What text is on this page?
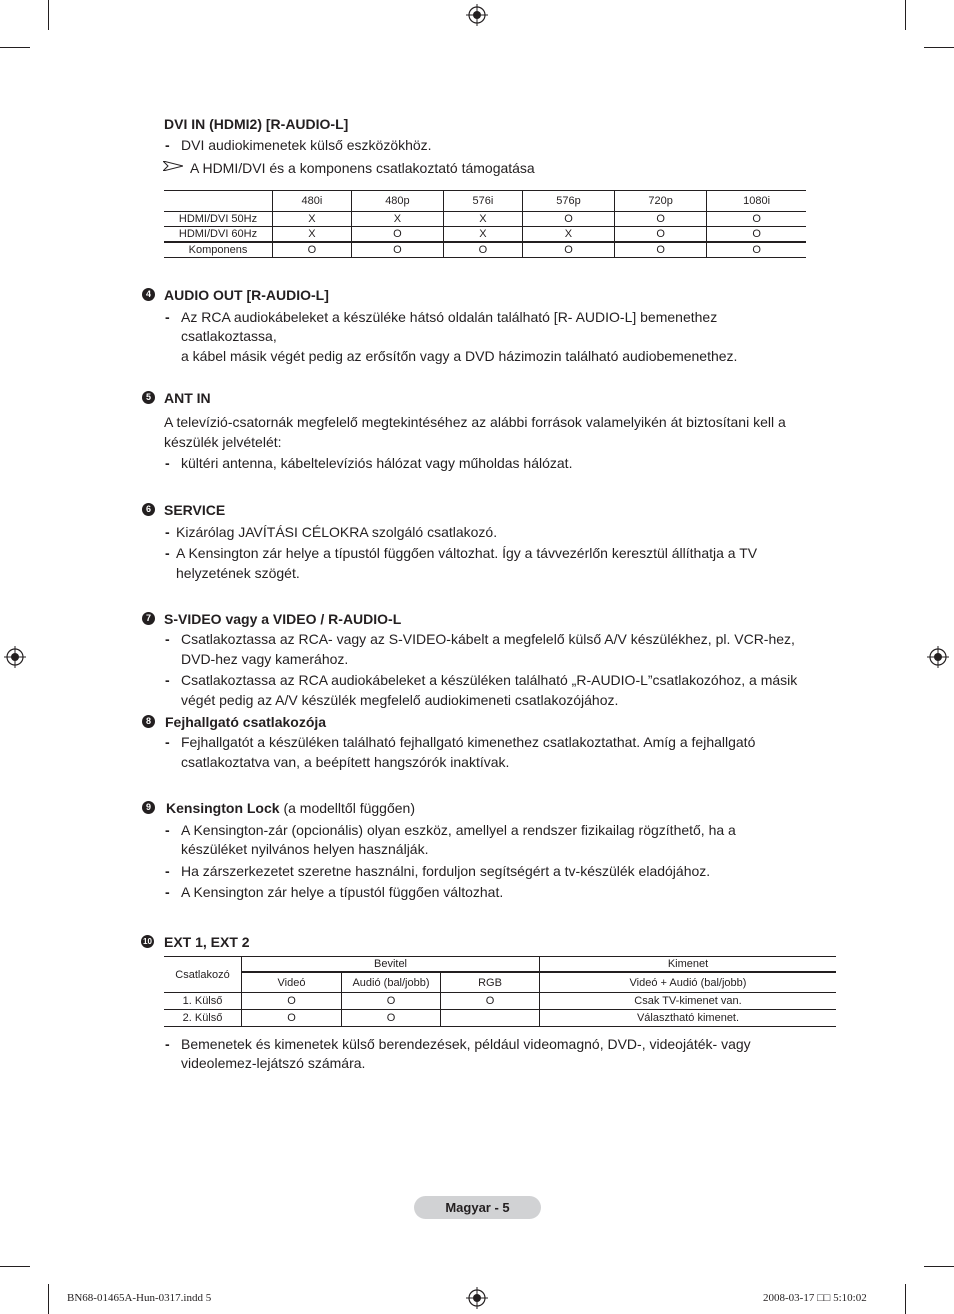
DVI IN (HDMI2) [R-AUDIO-L]
- DVI audiokimenetek külső eszközökhöz.
A HDMI/DVI és a komponens csatlakoztató támogatása
	480i	480p	576i	576p	720p	1080i
HDMI/DVI 50Hz	X	X	X	O	O	O
HDMI/DVI 60Hz	X	O	X	X	O	O
Komponens	O	O	O	O	O	O
4 AUDIO OUT [R-AUDIO-L]
- Az RCA audiokábeleket a készüléke hátsó oldalán található [R- AUDIO-L] bemenethez
csatlakoztassa,
a kábel másik végét pedig az erősítőn vagy a DVD házimozin található audiobemenethez.
5 ANT IN
A televízió-csatornák megfelelő megtekintéséhez az alábbi források valamelyikén át biztosítani kell a
készülék jelvételét:
- kültéri antenna, kábeltelevíziós hálózat vagy műholdas hálózat.
6 SERVICE
- Kizárólag JAVÍTÁSI CÉLOKRA szolgáló csatlakozó.
- A Kensington zár helye a típustól függően változhat. Így a távvezérlőn keresztül állíthatja a TV
helyzetének szögét.
7 S-VIDEO vagy a VIDEO / R-AUDIO-L
- Csatlakoztassa az RCA- vagy az S-VIDEO-kábelt a megfelelő külső A/V készülékhez, pl. VCR-hez,
DVD-hez vagy kamerához.
- Csatlakoztassa az RCA audiokábeleket a készüléken található „R-AUDIO-L”csatlakozóhoz, a másik
végét pedig az A/V készülék megfelelő audiokimeneti csatlakozójához.
8 Fejhallgató csatlakozója
- Fejhallgatót a készüléken található fejhallgató kimenethez csatlakoztathat. Amíg a fejhallgató
csatlakoztatva van, a beépített hangszórók inaktívak.
9 Kensington Lock (a modelltől függően)
- A Kensington-zár (opcionális) olyan eszköz, amellyel a rendszer fizikailag rögzíthető, ha a
készüléket nyilvános helyen használják.
- Ha zárszerkezetet szeretne használni, forduljon segítségért a tv-készülék eladójához.
- A Kensington zár helye a típustól függően változhat.
10 EXT 1, EXT 2
Csatlakozó	Bevitel			Kimenet
	Videó	Audió (bal/jobb)	RGB	Videó + Audió (bal/jobb)
1. Külső	O	O	O	Csak TV-kimenet van.
2. Külső	O	O		Választható kimenet.
- Bemenetek és kimenetek külső berendezések, például videomagnó, DVD-, videojáték- vagy
videolemez-lejátszó számára.
Magyar - 5
BN68-01465A-Hun-0317.indd 5	2008-03-17 □□ 5:10:02
